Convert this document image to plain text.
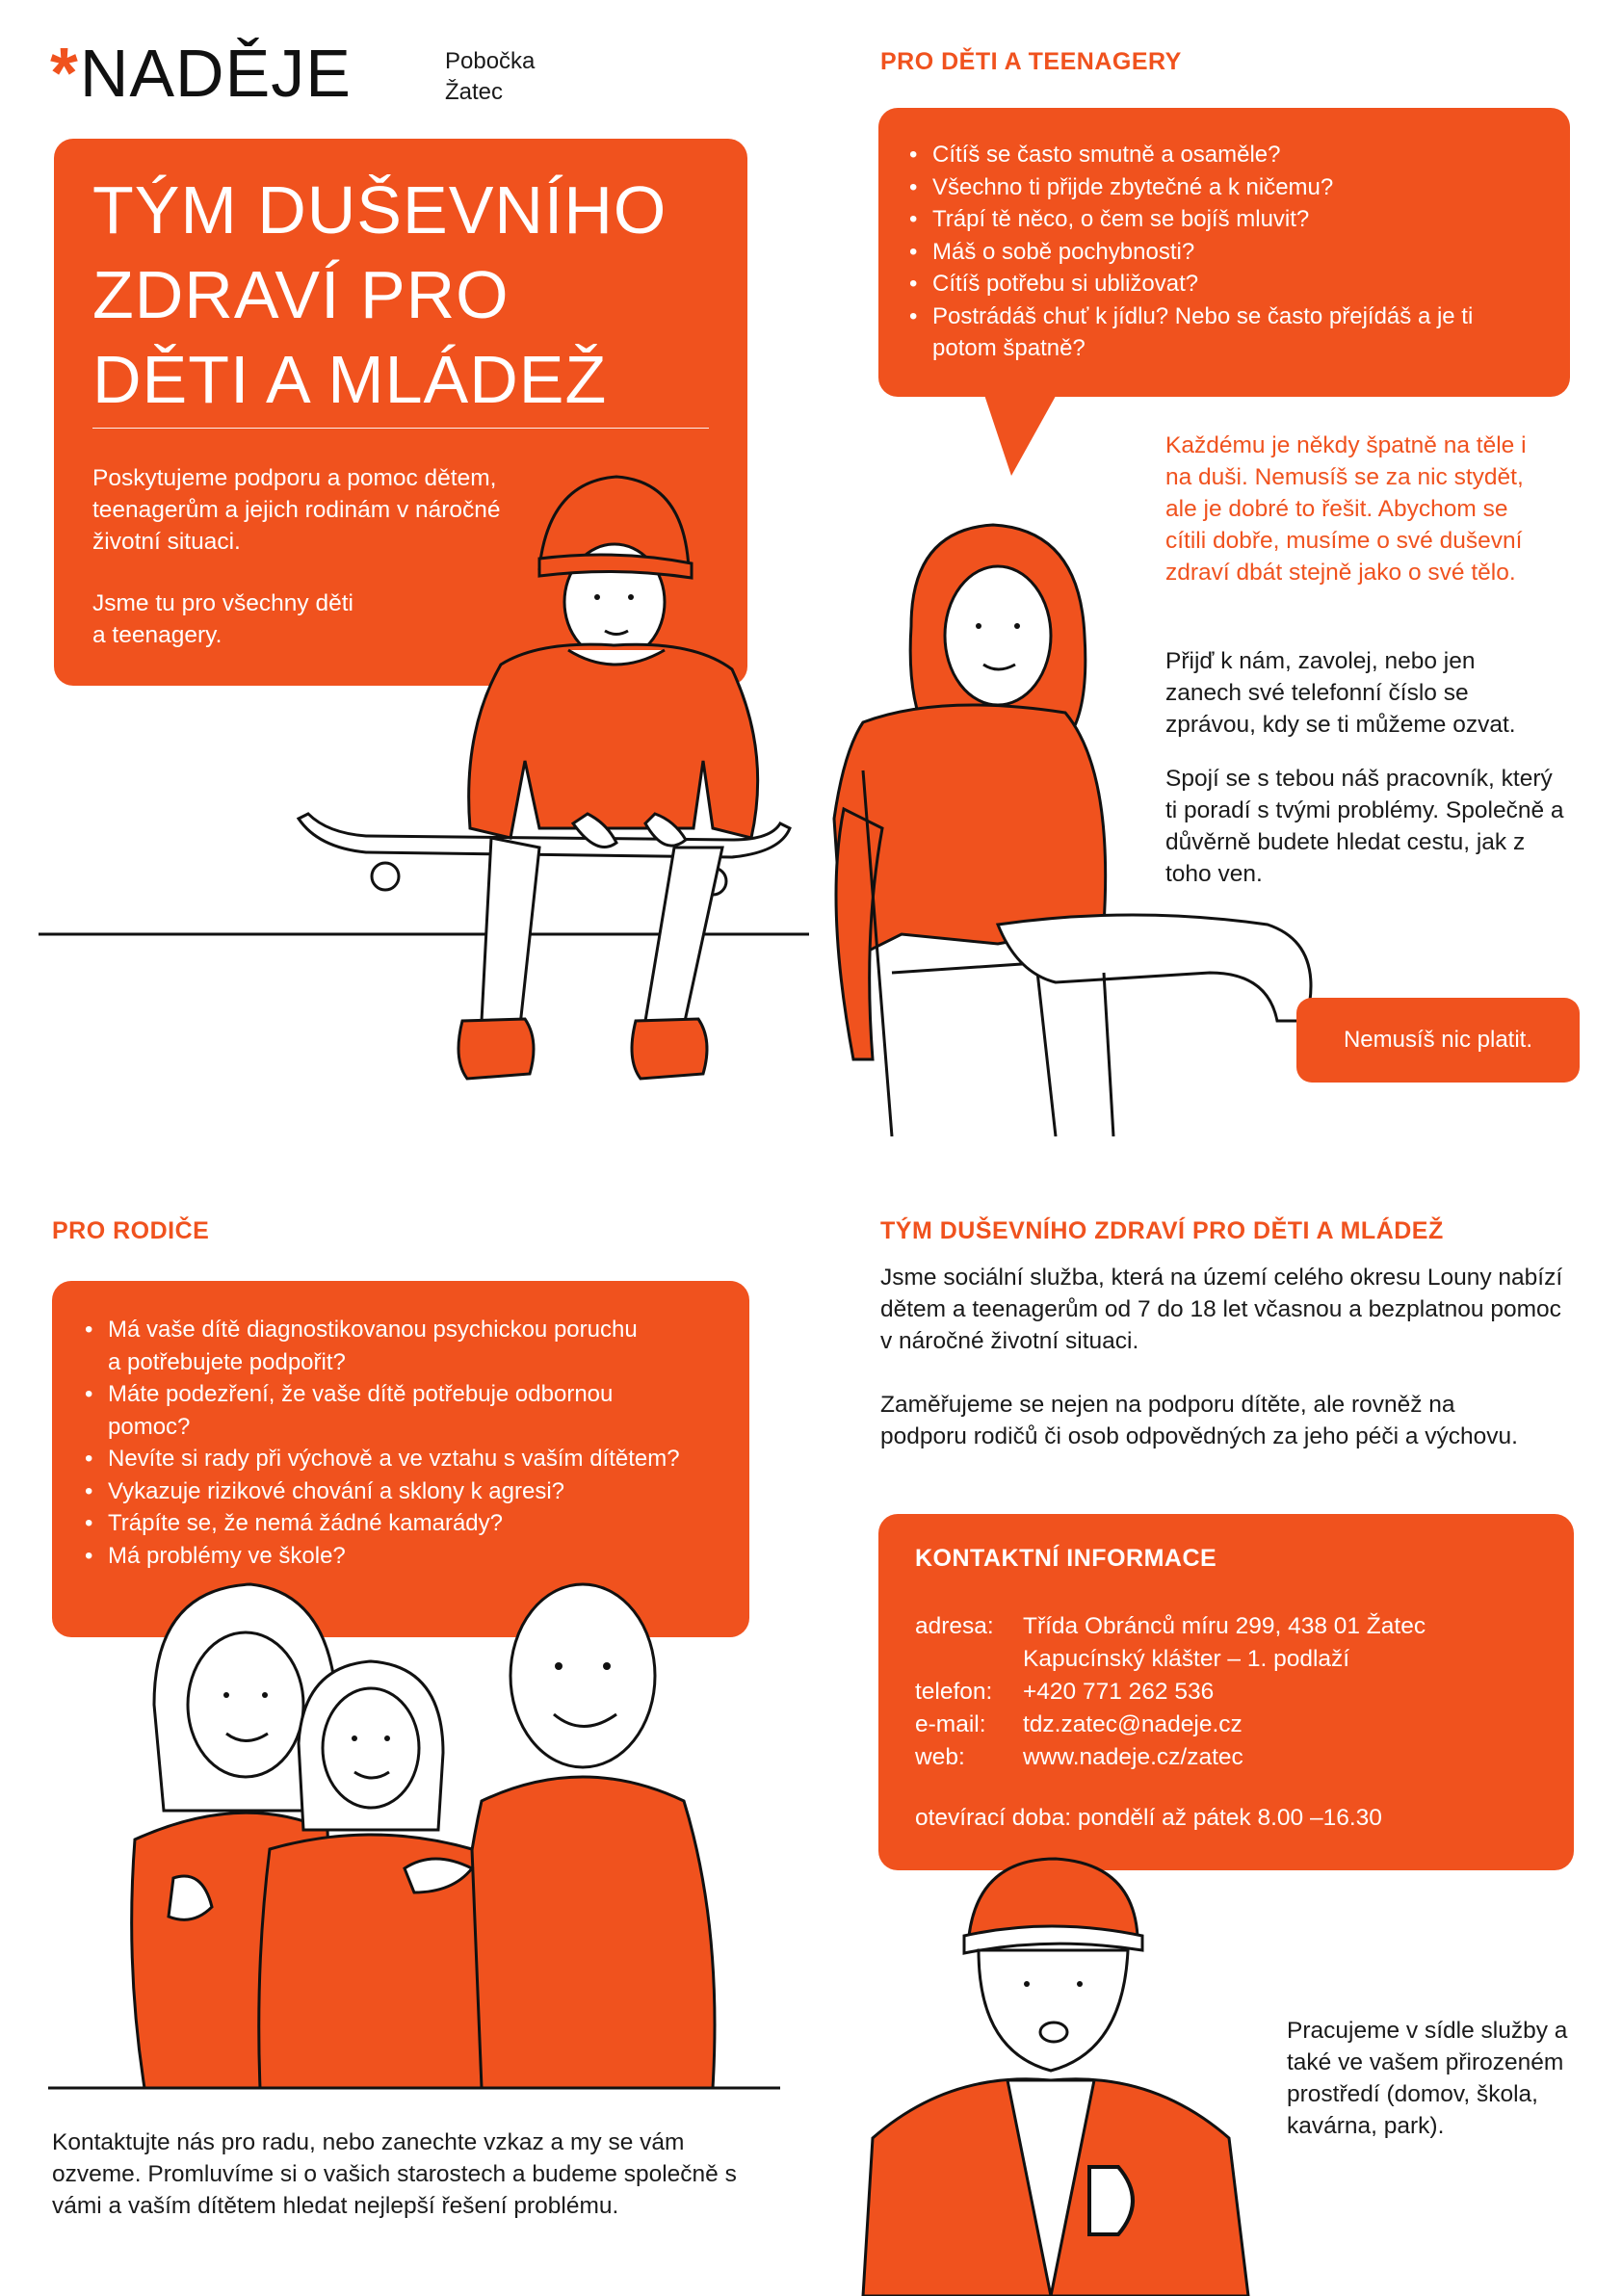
* NADĚJE	Pobočka
Žatec
TÝM DUŠEVNÍHO
ZDRAVÍ PRO
DĚTI A MLÁDEŽ

Poskytujeme podporu a pomoc dětem, teenagerům a jejich rodinám v náročné životní situaci.

Jsme tu pro všechny děti a teenagery.

PRO DĚTI A TEENAGERY
• Cítíš se často smutně a osaměle?
• Všechno ti přijde zbytečné a k ničemu?
• Trápí tě něco, o čem se bojíš mluvit?
• Máš o sobě pochybnosti?
• Cítíš potřebu si ubližovat?
• Postrádáš chuť k jídlu? Nebo se často přejídáš a je ti potom špatně?

Každému je někdy špatně na těle i na duši. Nemusíš se za nic stydět, ale je dobré to řešit. Abychom se cítili dobře, musíme o své duševní zdraví dbát stejně jako o své tělo.

Přijď k nám, zavolej, nebo jen zanech své telefonní číslo se zprávou, kdy se ti můžeme ozvat.

Spojí se s tebou náš pracovník, který ti poradí s tvými problémy. Společně a důvěrně budete hledat cestu, jak z toho ven.

Nemusíš nic platit.
PRO RODIČE
• Má vaše dítě diagnostikovanou psychickou poruchu a potřebujete podpořit?
• Máte podezření, že vaše dítě potřebuje odbornou pomoc?
• Nevíte si rady při výchově a ve vztahu s vaším dítětem?
• Vykazuje rizikové chování a sklony k agresi?
• Trápíte se, že nemá žádné kamarády?
• Má problémy ve škole?

Kontaktujte nás pro radu, nebo zanechte vzkaz a my se vám ozveme. Promluvíme si o vašich starostech a budeme společně s vámi a vaším dítětem hledat nejlepší řešení problému.

TÝM DUŠEVNÍHO ZDRAVÍ PRO DĚTI A MLÁDEŽ

Jsme sociální služba, která na území celého okresu Louny nabízí dětem a teenagerům od 7 do 18 let včasnou a bezplatnou pomoc v náročné životní situaci.

Zaměřujeme se nejen na podporu dítěte, ale rovněž na podporu rodičů či osob odpovědných za jeho péči a výchovu.

KONTAKTNÍ INFORMACE
adresa:	Třída Obránců míru 299, 438 01 Žatec
Kapucínský klášter – 1. podlaží
telefon:	+420 771 262 536
e-mail:	tdz.zatec@nadeje.cz
web:	www.nadeje.cz/zatec
otevírací doba: pondělí až pátek 8.00 –16.30

Pracujeme v sídle služby a také ve vašem přirozeném prostředí (domov, škola, kavárna, park).
